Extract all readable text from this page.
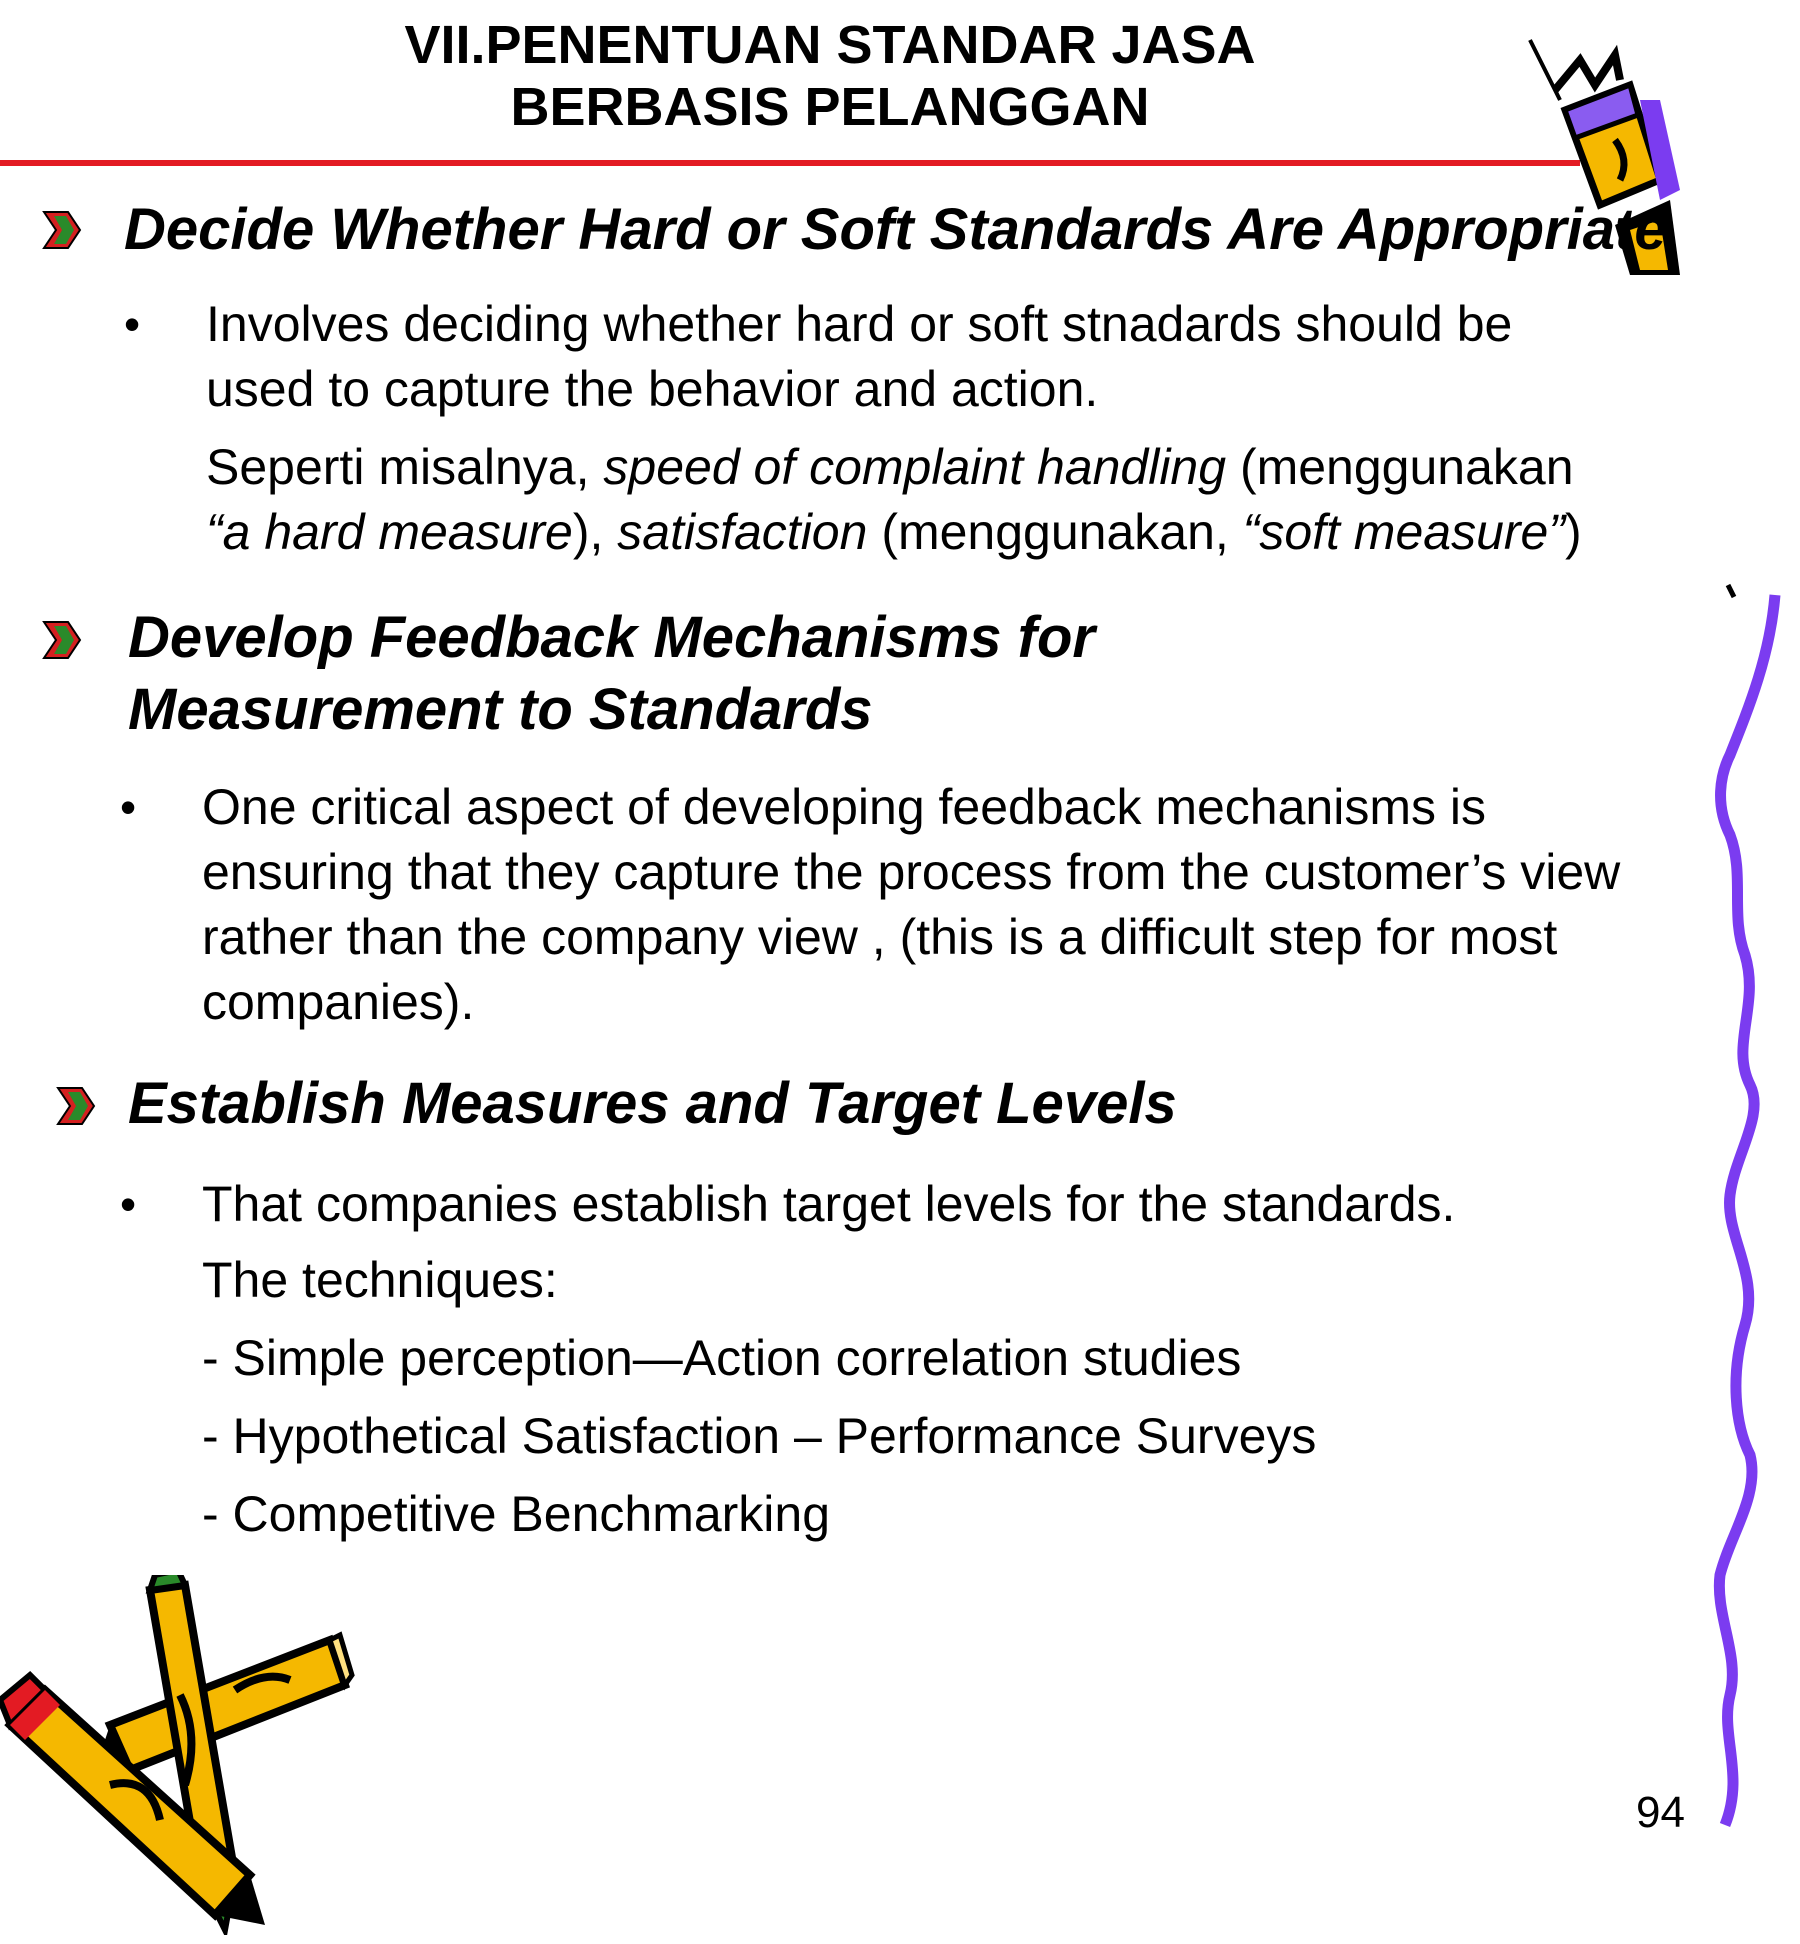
VII.PENENTUAN STANDAR JASA
BERBASIS PELANGGAN
Decide Whether Hard or Soft Standards Are Appropriate
• Involves deciding whether hard or soft stnadards should be
used to capture the behavior and action.
Seperti misalnya, speed of complaint handling (menggunakan
“a hard measure), satisfaction (menggunakan, “soft measure”)
Develop Feedback Mechanisms for
Measurement to Standards
• One critical aspect of developing feedback mechanisms is
ensuring that they capture the process from the customer’s view
rather than the company view , (this is a difficult step for most
companies).
Establish Measures and Target Levels
• That companies establish target levels for the standards.
The techniques:
- Simple perception—Action correlation studies
- Hypothetical Satisfaction – Performance Surveys
- Competitive Benchmarking
94
